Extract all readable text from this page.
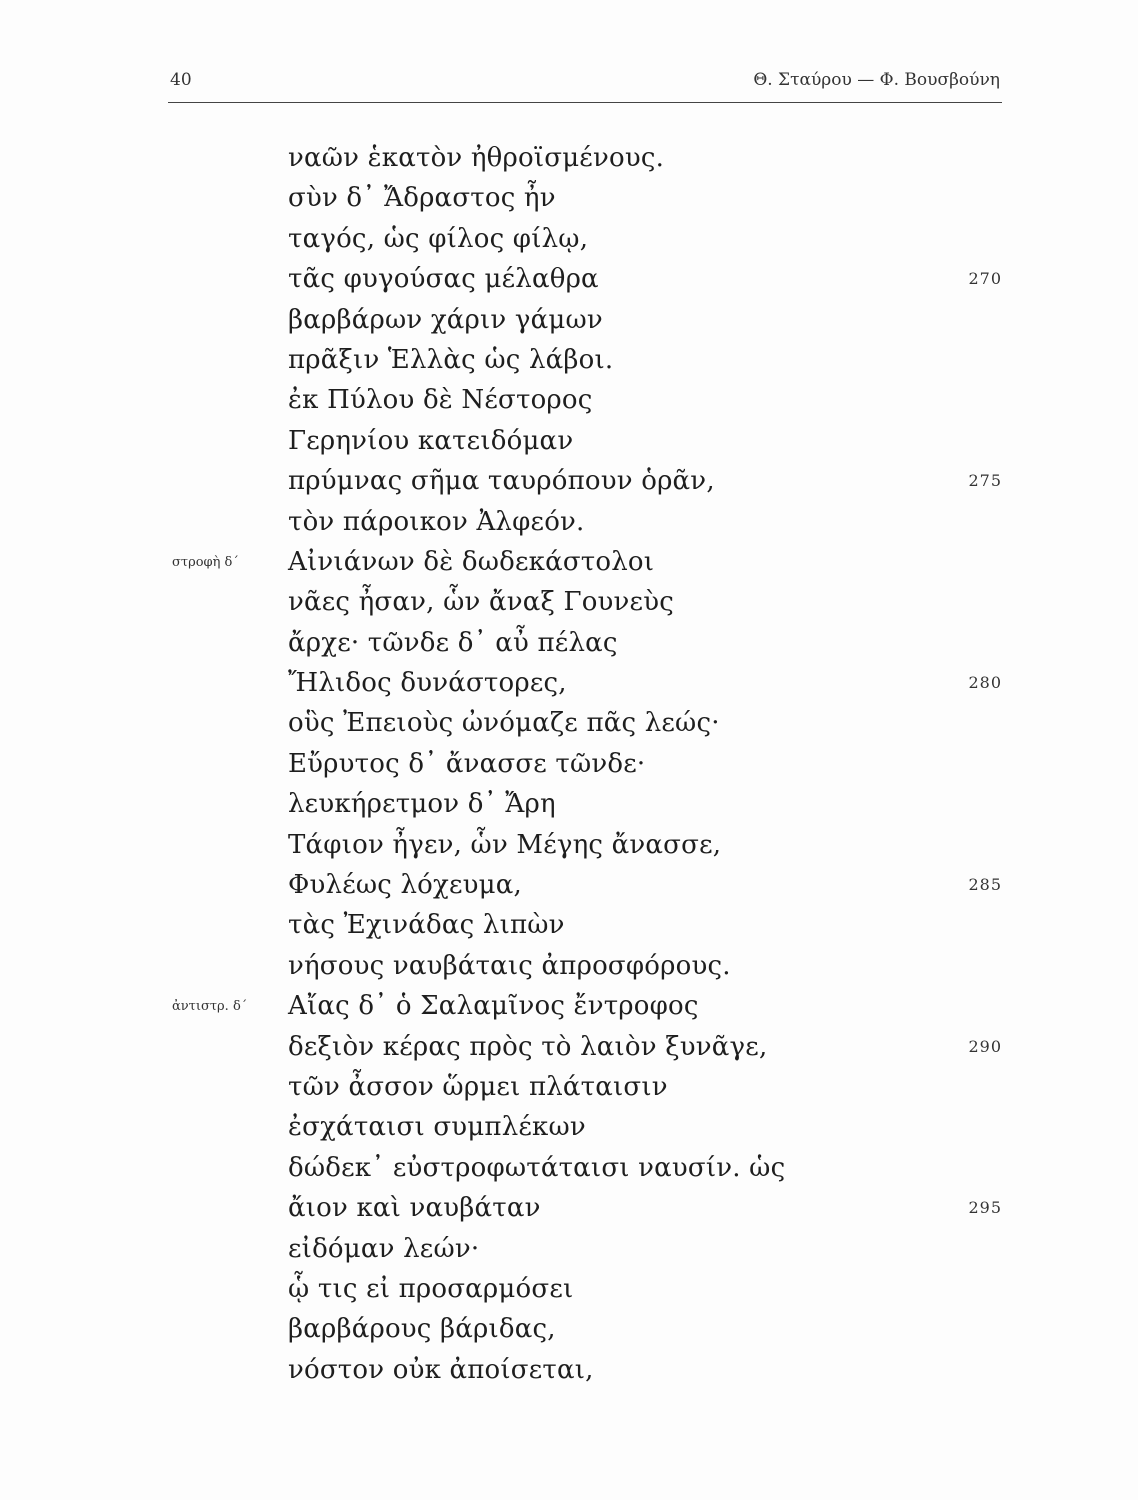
40	Θ. Σταύρου — Φ. Βουσβούνη
ναῶν ἑκατὸν ἠθροϊσμένους.
σὺν δ᾽ Ἄδραστος ἦν
ταγός, ὡς φίλος φίλῳ,
τᾶς φυγούσας μέλαθρα	270
βαρβάρων χάριν γάμων
πρᾶξιν Ἑλλὰς ὡς λάβοι.
ἐκ Πύλου δὲ Νέστορος
Γερηνίου κατειδόμαν
πρύμνας σῆμα ταυρόπουν ὁρᾶν,	275
τὸν πάροικον Ἀλφεόν.
στροφὴ δ΄ Αἰνιάνων δὲ δωδεκάστολοι
νᾶες ἦσαν, ὧν ἄναξ Γουνεὺς
ἄρχε· τῶνδε δ᾽ αὖ πέλας
Ἤλιδος δυνάστορες,	280
οὓς Ἐπειοὺς ὠνόμαζε πᾶς λεώς·
Εὔρυτος δ᾽ ἄνασσε τῶνδε·
λευκήρετμον δ᾽ Ἄρη
Τάφιον ἦγεν, ὧν Μέγης ἄνασσε,
Φυλέως λόχευμα,	285
τὰς Ἐχινάδας λιπὼν
νήσους ναυβάταις ἀπροσφόρους.
ἀντιστρ. δ΄ Αἴας δ᾽ ὁ Σαλαμῖνος ἔντροφος
δεξιὸν κέρας πρὸς τὸ λαιὸν ξυνᾶγε,	290
τῶν ἆσσον ὥρμει πλάταισιν
ἐσχάταισι συμπλέκων
δώδεκ᾽ εὐστροφωτάταισι ναυσίν. ὡς
ἄιον καὶ ναυβάταν	295
εἰδόμαν λεών·
ᾧ τις εἰ προσαρμόσει
βαρβάρους βάριδας,
νόστον οὐκ ἀποίσεται,
